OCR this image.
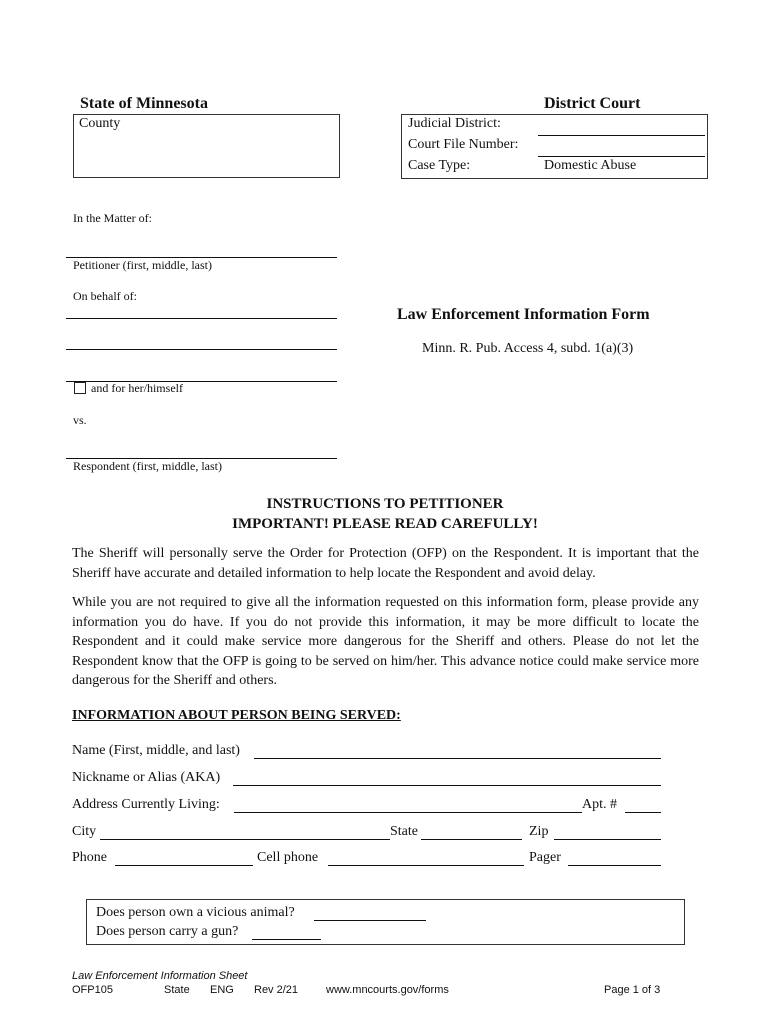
State of Minnesota
County
District Court
Judicial District:
Court File Number:
Case Type:	Domestic Abuse
In the Matter of:
Petitioner (first, middle, last)
On behalf of:
and for her/himself
vs.
Respondent (first, middle, last)
Law Enforcement Information Form
Minn. R. Pub. Access 4, subd. 1(a)(3)
INSTRUCTIONS TO PETITIONER
IMPORTANT! PLEASE READ CAREFULLY!
The Sheriff will personally serve the Order for Protection (OFP) on the Respondent. It is important that the Sheriff have accurate and detailed information to help locate the Respondent and avoid delay.
While you are not required to give all the information requested on this information form, please provide any information you do have. If you do not provide this information, it may be more difficult to locate the Respondent and it could make service more dangerous for the Sheriff and others. Please do not let the Respondent know that the OFP is going to be served on him/her. This advance notice could make service more dangerous for the Sheriff and others.
INFORMATION ABOUT PERSON BEING SERVED:
Name (First, middle, and last)
Nickname or Alias (AKA)
Address Currently Living:	Apt. #
City	State	Zip
Phone	Cell phone	Pager
Does person own a vicious animal?
Does person carry a gun?
Law Enforcement Information Sheet
OFP105	State ENG Rev 2/21	www.mncourts.gov/forms	Page 1 of 3
